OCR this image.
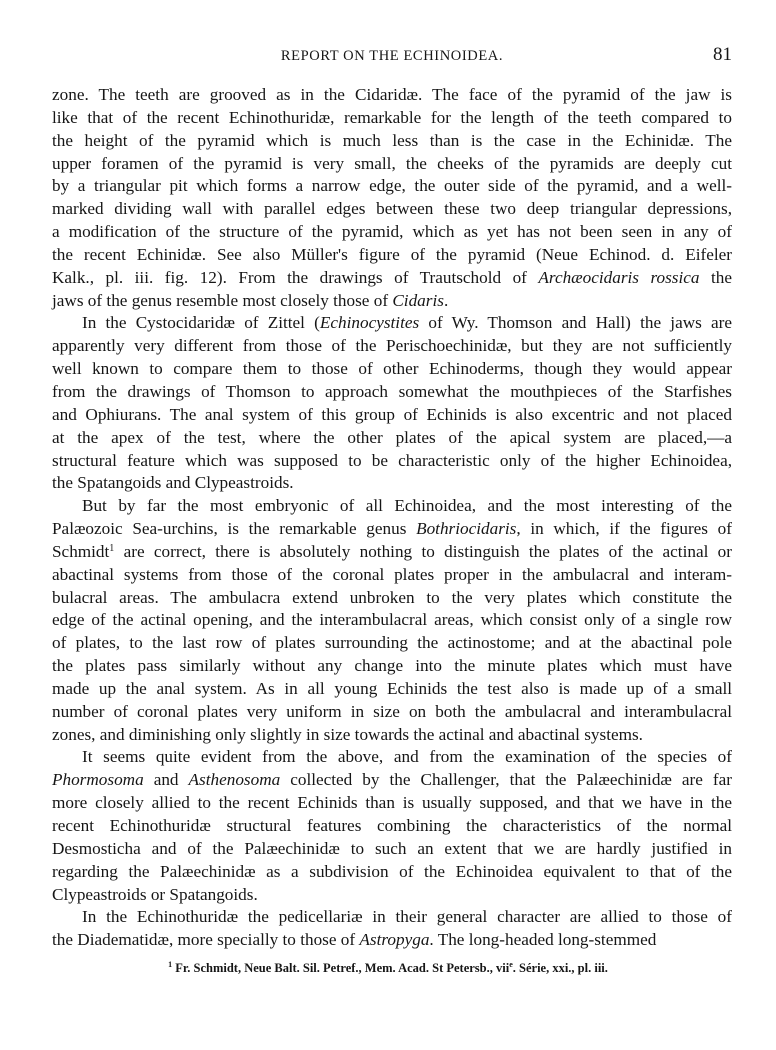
REPORT ON THE ECHINOIDEA.	81
zone. The teeth are grooved as in the Cidaridæ. The face of the pyramid of the jaw is
like that of the recent Echinothuridæ, remarkable for the length of the teeth compared to
the height of the pyramid which is much less than is the case in the Echinidæ. The
upper foramen of the pyramid is very small, the cheeks of the pyramids are deeply cut
by a triangular pit which forms a narrow edge, the outer side of the pyramid, and a well-
marked dividing wall with parallel edges between these two deep triangular depressions,
a modification of the structure of the pyramid, which as yet has not been seen in any of
the recent Echinidæ. See also Müller's figure of the pyramid (Neue Echinod. d. Eifeler
Kalk., pl. iii. fig. 12). From the drawings of Trautschold of Archæocidaris rossica the
jaws of the genus resemble most closely those of Cidaris.
In the Cystocidaridæ of Zittel (Echinocystites of Wy. Thomson and Hall) the jaws are
apparently very different from those of the Perischoechinidæ, but they are not sufficiently
well known to compare them to those of other Echinoderms, though they would appear
from the drawings of Thomson to approach somewhat the mouthpieces of the Starfishes
and Ophiurans. The anal system of this group of Echinids is also excentric and not placed
at the apex of the test, where the other plates of the apical system are placed,—a
structural feature which was supposed to be characteristic only of the higher Echinoidea,
the Spatangoids and Clypeastroids.
But by far the most embryonic of all Echinoidea, and the most interesting of the
Palæozoic Sea-urchins, is the remarkable genus Bothriocidaris, in which, if the figures of
Schmidt$^1$ are correct, there is absolutely nothing to distinguish the plates of the actinal or
abactinal systems from those of the coronal plates proper in the ambulacral and interam-
bulacral areas. The ambulacra extend unbroken to the very plates which constitute the
edge of the actinal opening, and the interambulacral areas, which consist only of a single row
of plates, to the last row of plates surrounding the actinostome; and at the abactinal pole
the plates pass similarly without any change into the minute plates which must have
made up the anal system. As in all young Echinids the test also is made up of a small
number of coronal plates very uniform in size on both the ambulacral and interambulacral
zones, and diminishing only slightly in size towards the actinal and abactinal systems.
It seems quite evident from the above, and from the examination of the species of
Phormosoma and Asthenosoma collected by the Challenger, that the Palæechinidæ are far
more closely allied to the recent Echinids than is usually supposed, and that we have in the
recent Echinothuridæ structural features combining the characteristics of the normal
Desmosticha and of the Palæechinidæ to such an extent that we are hardly justified in
regarding the Palæechinidæ as a subdivision of the Echinoidea equivalent to that of the
Clypeastroids or Spatangoids.
In the Echinothuridæ the pedicellariæ in their general character are allied to those of
the Diadematidæ, more specially to those of Astropyga. The long-headed long-stemmed
$^1$ Fr. Schmidt, Neue Balt. Sil. Petref., Mem. Acad. St Petersb., vii$^e$. Série, xxi., pl. iii.
